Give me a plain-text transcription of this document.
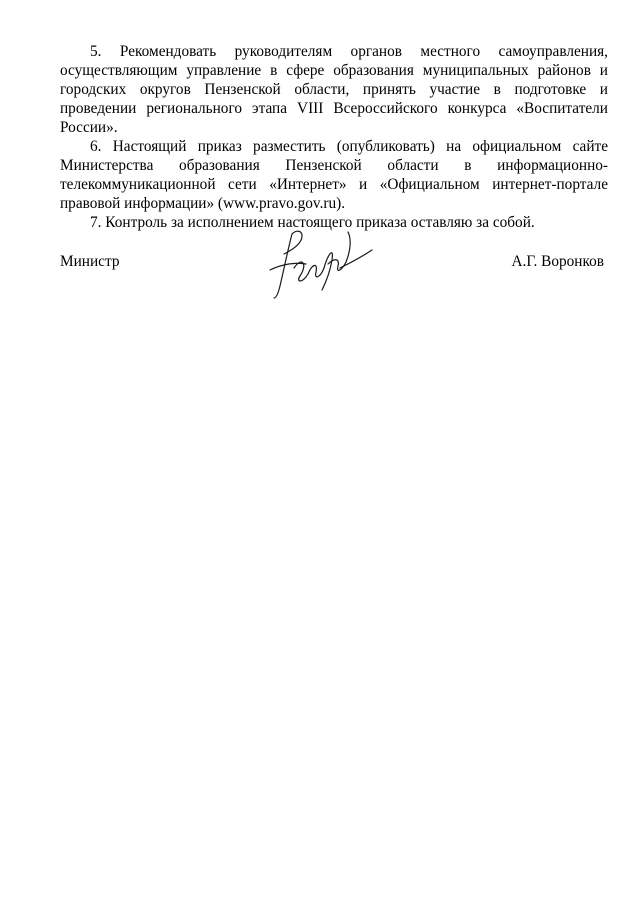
5. Рекомендовать руководителям органов местного самоуправления, осуществляющим управление в сфере образования муниципальных районов и городских округов Пензенской области, принять участие в подготовке и проведении регионального этапа VIII Всероссийского конкурса «Воспитатели России».

6. Настоящий приказ разместить (опубликовать) на официальном сайте Министерства образования Пензенской области в информационно-телекоммуникационной сети «Интернет» и «Официальном интернет-портале правовой информации» (www.pravo.gov.ru).

7. Контроль за исполнением настоящего приказа оставляю за собой.

Министр	А.Г. Воронков
